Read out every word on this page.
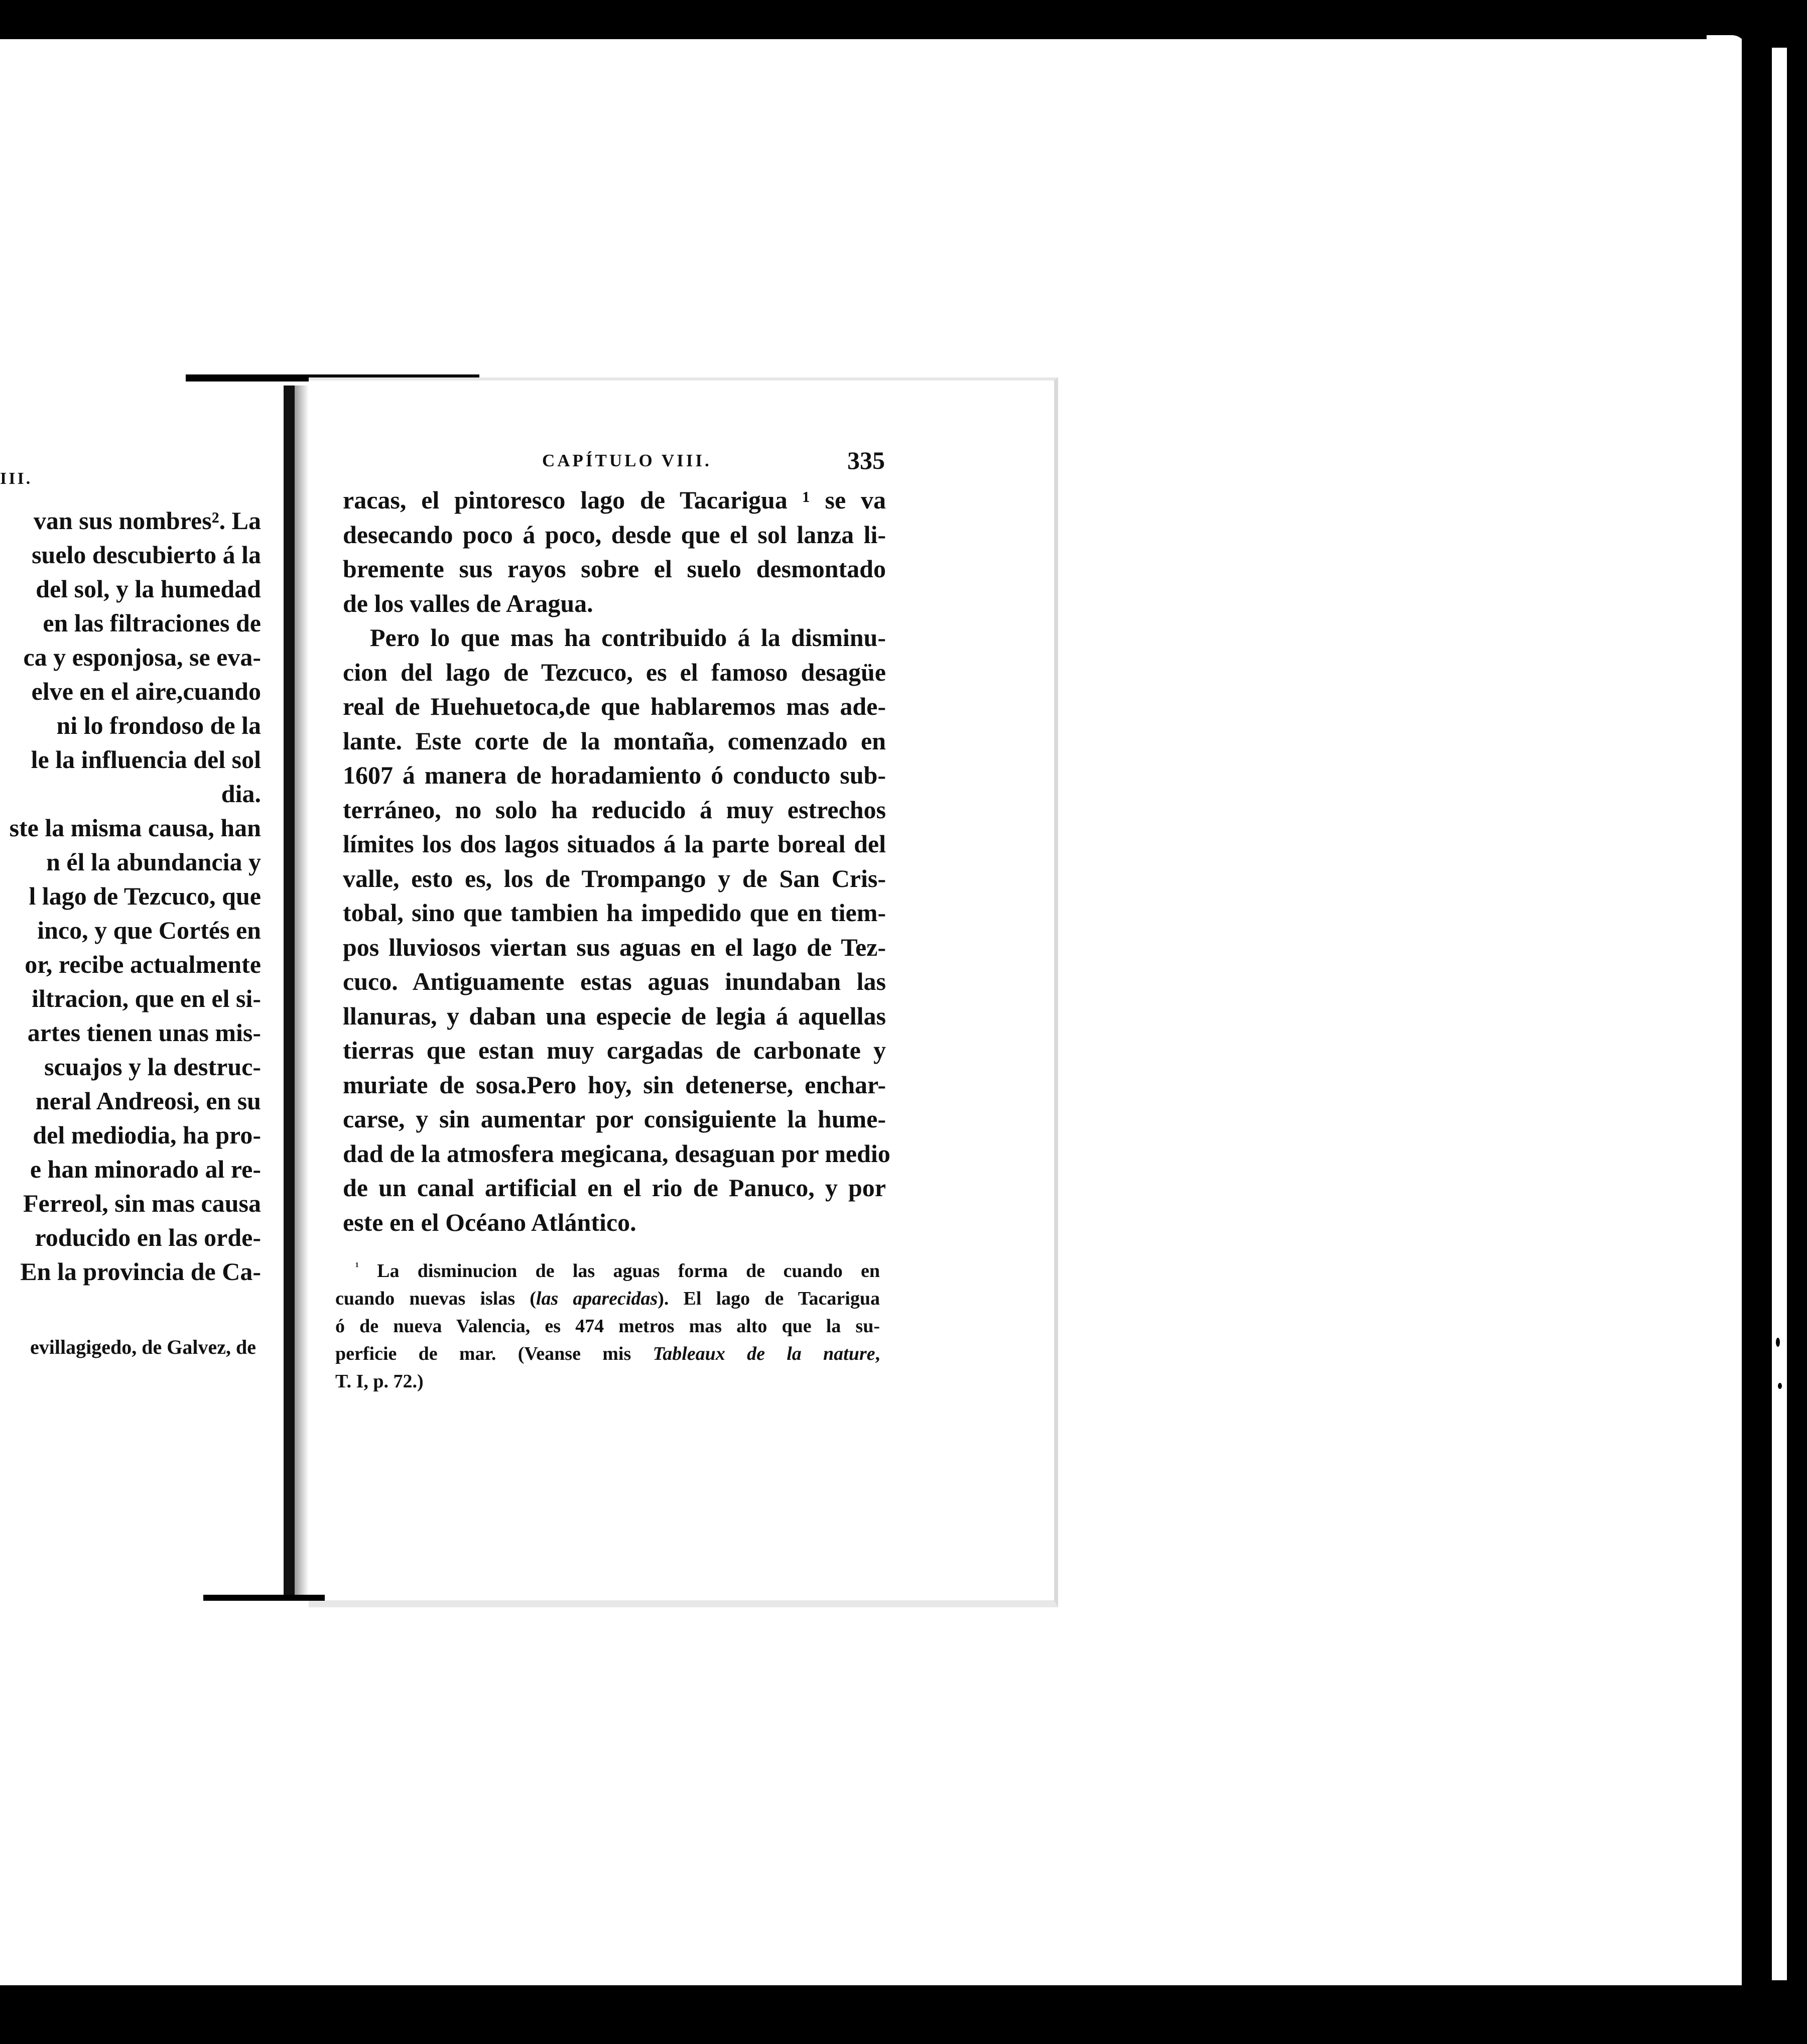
III.
van sus nombres². La
suelo descubierto á la
del sol, y la humedad
en las filtraciones de
ca y esponjosa, se eva-
elve en el aire,cuando
ni lo frondoso de la
le la influencia del sol
dia.
ste la misma causa, han
n él la abundancia y
l lago de Tezcuco, que
inco, y que Cortés en
or, recibe actualmente
iltracion, que en el si-
artes tienen unas mis-
scuajos y la destruc-
neral Andreosi, en su
del mediodia, ha pro-
e han minorado al re-
Ferreol, sin mas causa
roducido en las orde-
En la provincia de Ca-
evillagigedo, de Galvez, de
CAPÍTULO VIII.	335
racas, el pintoresco lago de Tacarigua ¹ se va
desecando poco á poco, desde que el sol lanza li-
bremente sus rayos sobre el suelo desmontado
de los valles de Aragua.
Pero lo que mas ha contribuido á la disminu-
cion del lago de Tezcuco, es el famoso desagüe
real de Huehuetoca,de que hablaremos mas ade-
lante. Este corte de la montaña, comenzado en
1607 á manera de horadamiento ó conducto sub-
terráneo, no solo ha reducido á muy estrechos
límites los dos lagos situados á la parte boreal del
valle, esto es, los de Trompango y de San Cris-
tobal, sino que tambien ha impedido que en tiem-
pos lluviosos viertan sus aguas en el lago de Tez-
cuco. Antiguamente estas aguas inundaban las
llanuras, y daban una especie de legia á aquellas
tierras que estan muy cargadas de carbonate y
muriate de sosa.Pero hoy, sin detenerse, enchar-
carse, y sin aumentar por consiguiente la hume-
dad de la atmosfera megicana, desaguan por medio
de un canal artificial en el rio de Panuco, y por
este en el Océano Atlántico.
$^{^1}$ La disminucion de las aguas forma de cuando en
cuando nuevas islas (las aparecidas). El lago de Tacarigua
ó de nueva Valencia, es 474 metros mas alto que la su-
perficie de mar. (Veanse mis Tableaux de la nature,
T. I, p. 72.)
